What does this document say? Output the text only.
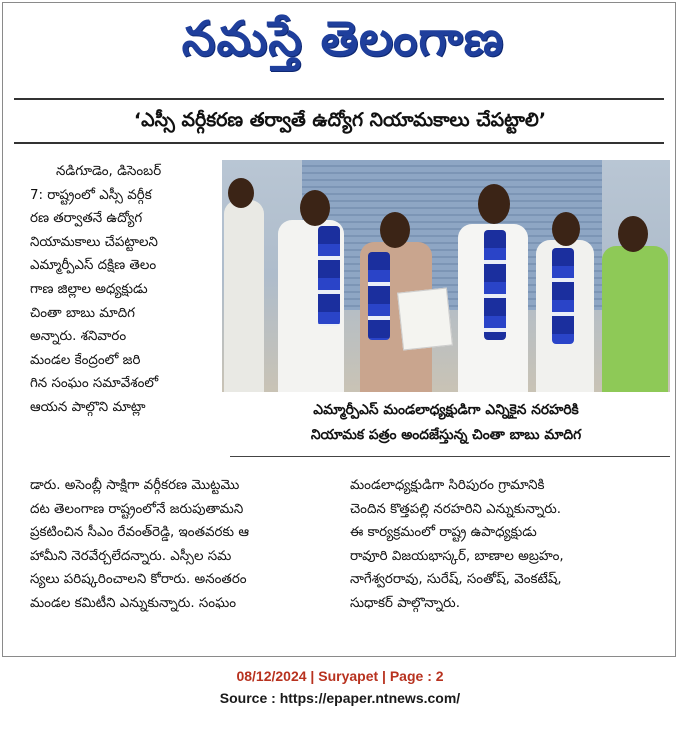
నమస్తే తెలంగాణ
‘ఎస్సీ వర్గీకరణ తర్వాతే ఉద్యోగ నియామకాలు చేపట్టాలి’
నడిగూడెం, డిసెంబర్
7: రాష్ట్రంలో ఎస్సీ వర్గీక
రణ తర్వాతనే ఉద్యోగ
నియామకాలు చేపట్టాలని
ఎమ్మార్పీఎస్ దక్షిణ తెలం
గాణ జిల్లాల అధ్యక్షుడు
చింతా బాబు మాదిగ
అన్నారు. శనివారం
మండల కేంద్రంలో జరి
గిన సంఘం సమావేశంలో
ఆయన పాల్గొని మాట్లా	ఎమ్మార్పీఎస్ మండలాధ్యక్షుడిగా ఎన్నికైన నరహరికి
నియామక పత్రం అందజేస్తున్న చింతా బాబు మాదిగ
డారు. అసెంబ్లీ సాక్షిగా వర్గీకరణ మొట్టమొ
దట తెలంగాణ రాష్ట్రంలోనే జరుపుతామని
ప్రకటించిన సీఎం రేవంత్‌రెడ్డి, ఇంతవరకు ఆ
హామీని నెరవేర్చలేదన్నారు. ఎస్సీల సమ
స్యలు పరిష్కరించాలని కోరారు. అనంతరం
మండల కమిటీని ఎన్నుకున్నారు. సంఘం
మండలాధ్యక్షుడిగా సిరిపురం గ్రామానికి
చెందిన కొత్తపల్లి నరహరిని ఎన్నుకున్నారు.
ఈ కార్యక్రమంలో రాష్ట్ర ఉపాధ్యక్షుడు
రావూరి విజయభాస్కర్, బాణాల అబ్రహం,
నాగేశ్వరరావు, సురేష్, సంతోష్, వెంకటేష్,
సుధాకర్ పాల్గొన్నారు.
08/12/2024 | Suryapet | Page : 2
Source : https://epaper.ntnews.com/
